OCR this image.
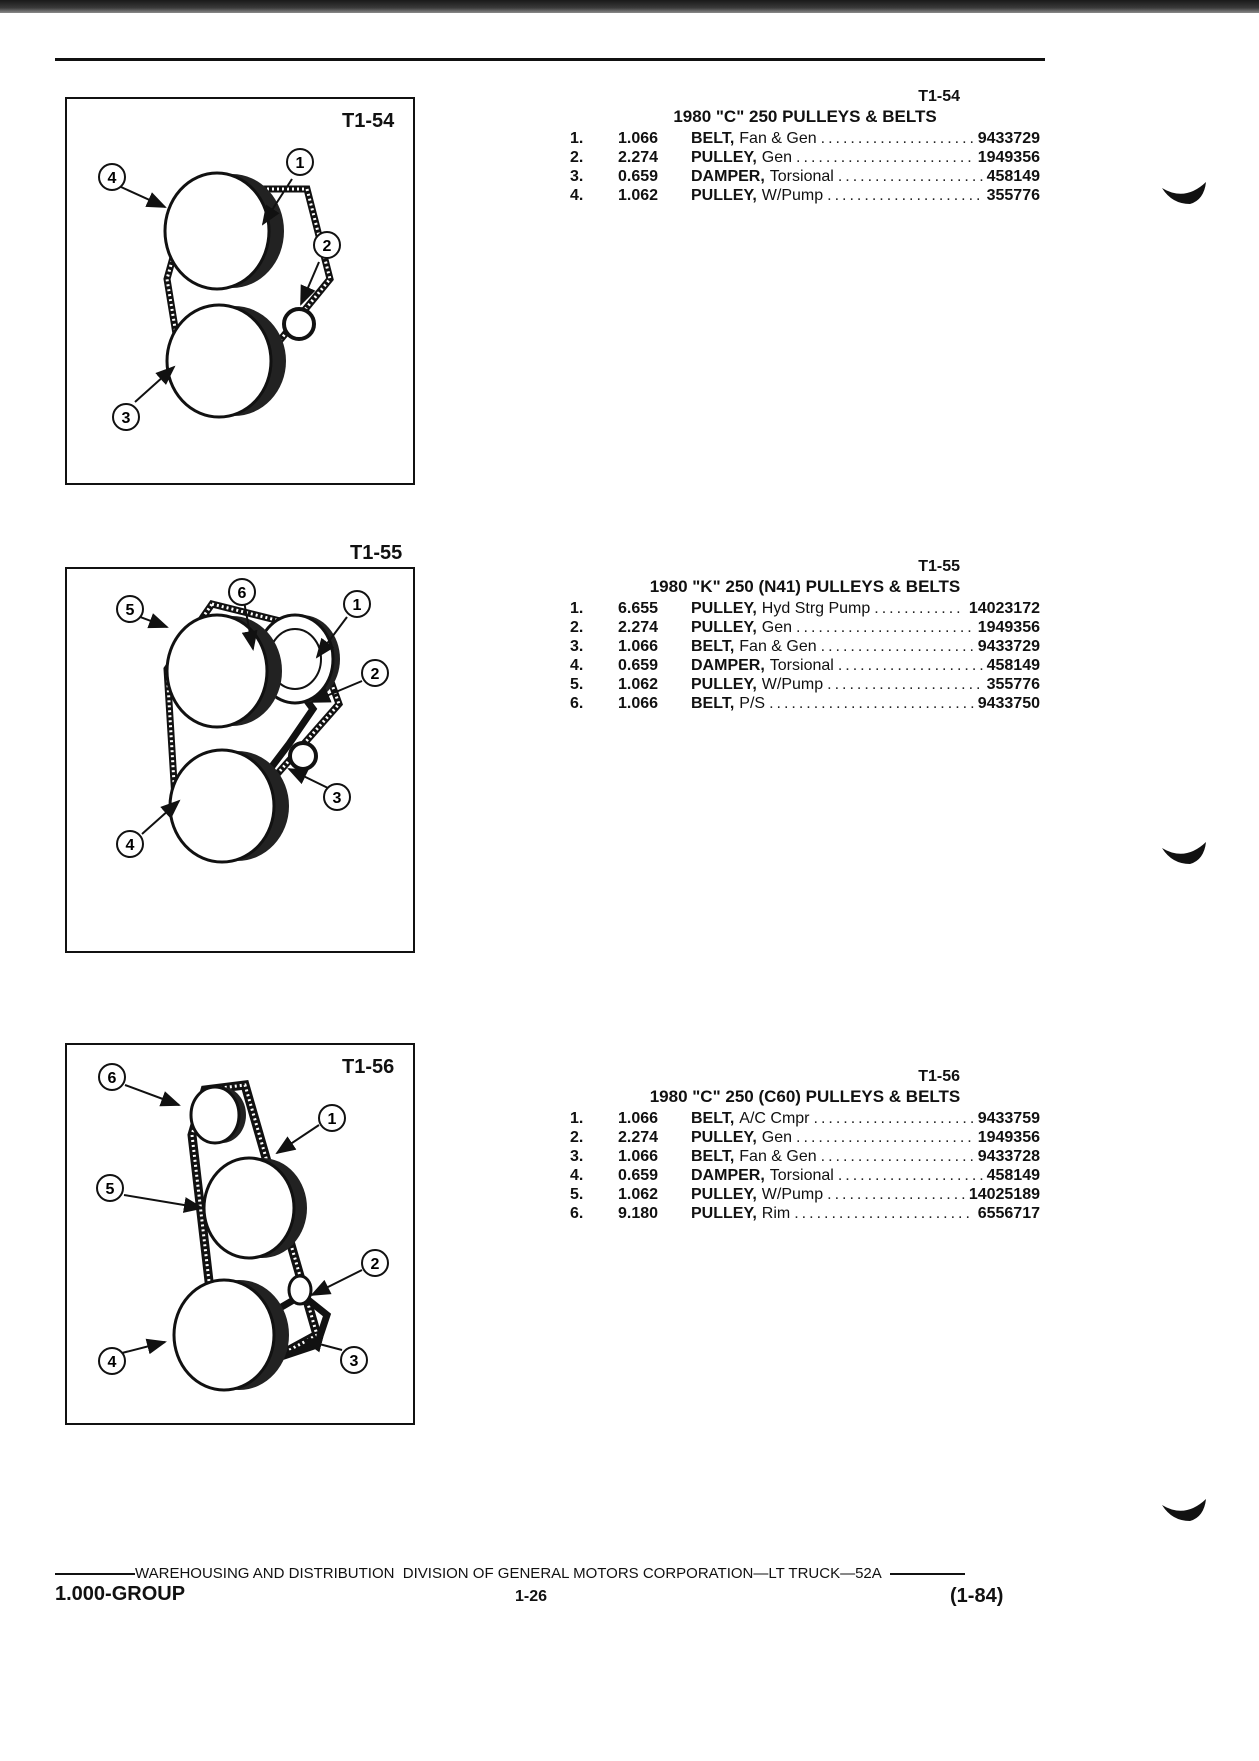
1
2
3
4
T1-54
T1-55
1
2
3
4
5
6
1
2
3
4
5
6
T1-56
T1-54
1980 "C" 250 PULLEYS & BELTS
1.	1.066	BELT, Fan & Gen .....	9433729
2.	2.274	PULLEY, Gen .....	1949356
3.	0.659	DAMPER, Torsional .....	458149
4.	1.062	PULLEY, W/Pump .....	355776
T1-55
1980 "K" 250 (N41) PULLEYS & BELTS
1.	6.655	PULLEY, Hyd Strg Pump .....	14023172
2.	2.274	PULLEY, Gen .....	1949356
3.	1.066	BELT, Fan & Gen .....	9433729
4.	0.659	DAMPER, Torsional .....	458149
5.	1.062	PULLEY, W/Pump .....	355776
6.	1.066	BELT, P/S .....	9433750
T1-56
1980 "C" 250 (C60) PULLEYS & BELTS
1.	1.066	BELT, A/C Cmpr .....	9433759
2.	2.274	PULLEY, Gen .....	1949356
3.	1.066	BELT, Fan & Gen .....	9433728
4.	0.659	DAMPER, Torsional .....	458149
5.	1.062	PULLEY, W/Pump .....	14025189
6.	9.180	PULLEY, Rim .....	6556717
WAREHOUSING AND DISTRIBUTION  DIVISION OF GENERAL MOTORS CORPORATION—LT TRUCK—52A
1.000-GROUP	1-26	(1-84)
